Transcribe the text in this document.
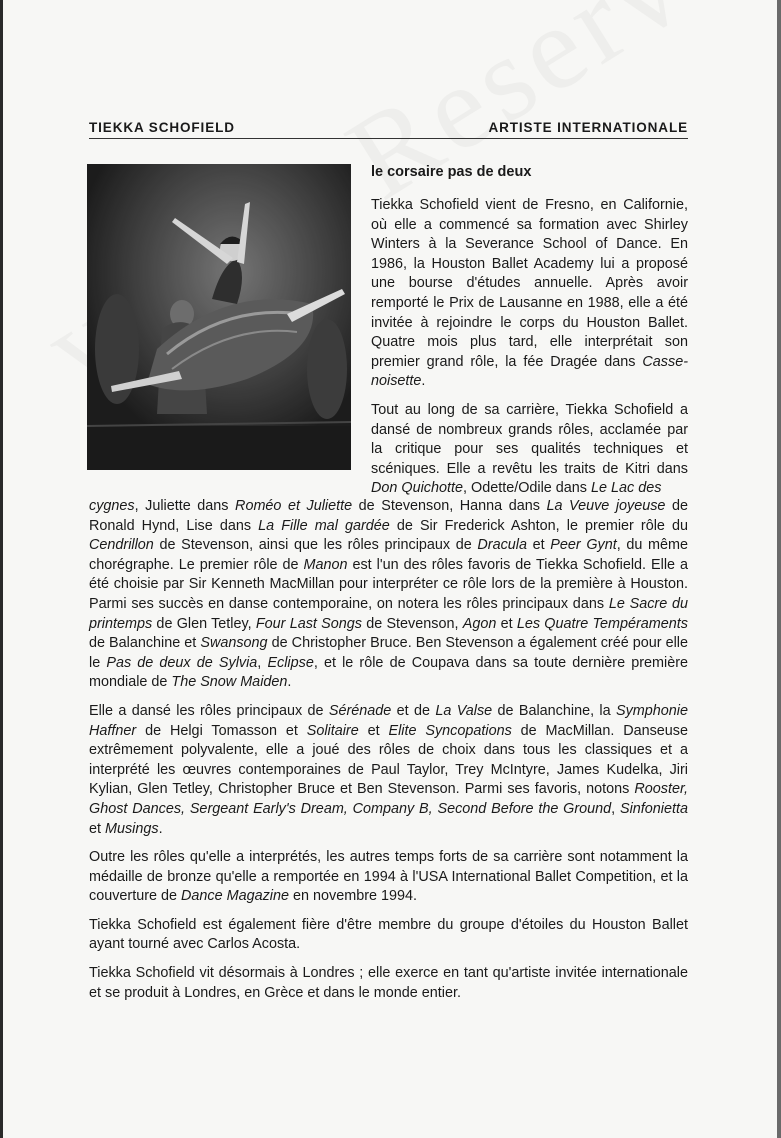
TIEKKA SCHOFIELD	ARTISTE INTERNATIONALE
le corsaire pas de deux

Tiekka Schofield vient de Fresno, en Californie, où elle a commencé sa formation avec Shirley Winters à la Severance School of Dance. En 1986, la Houston Ballet Academy lui a proposé une bourse d'études annuelle. Après avoir remporté le Prix de Lausanne en 1988, elle a été invitée à rejoindre le corps du Houston Ballet. Quatre mois plus tard, elle interprétait son premier grand rôle, la fée Dragée dans Casse-noisette.

Tout au long de sa carrière, Tiekka Schofield a dansé de nombreux grands rôles, acclamée par la critique pour ses qualités techniques et scéniques. Elle a revêtu les traits de Kitri dans Don Quichotte, Odette/Odile dans Le Lac des

cygnes, Juliette dans Roméo et Juliette de Stevenson, Hanna dans La Veuve joyeuse de Ronald Hynd, Lise dans La Fille mal gardée de Sir Frederick Ashton, le premier rôle du Cendrillon de Stevenson, ainsi que les rôles principaux de Dracula et Peer Gynt, du même chorégraphe. Le premier rôle de Manon est l'un des rôles favoris de Tiekka Schofield. Elle a été choisie par Sir Kenneth MacMillan pour interpréter ce rôle lors de la première à Houston. Parmi ses succès en danse contemporaine, on notera les rôles principaux dans Le Sacre du printemps de Glen Tetley, Four Last Songs de Stevenson, Agon et Les Quatre Tempéraments de Balanchine et Swansong de Christopher Bruce. Ben Stevenson a également créé pour elle le Pas de deux de Sylvia, Eclipse, et le rôle de Coupava dans sa toute dernière première mondiale de The Snow Maiden.

Elle a dansé les rôles principaux de Sérénade et de La Valse de Balanchine, la Symphonie Haffner de Helgi Tomasson et Solitaire et Elite Syncopations de MacMillan. Danseuse extrêmement polyvalente, elle a joué des rôles de choix dans tous les classiques et a interprété les œuvres contemporaines de Paul Taylor, Trey McIntyre, James Kudelka, Jiri Kylian, Glen Tetley, Christopher Bruce et Ben Stevenson. Parmi ses favoris, notons Rooster, Ghost Dances, Sergeant Early's Dream, Company B, Second Before the Ground, Sinfonietta et Musings.

Outre les rôles qu'elle a interprétés, les autres temps forts de sa carrière sont notamment la médaille de bronze qu'elle a remportée en 1994 à l'USA International Ballet Competition, et la couverture de Dance Magazine en novembre 1994.

Tiekka Schofield est également fière d'être membre du groupe d'étoiles du Houston Ballet ayant tourné avec Carlos Acosta.

Tiekka Schofield vit désormais à Londres ; elle exerce en tant qu'artiste invitée internationale et se produit à Londres, en Grèce et dans le monde entier.
